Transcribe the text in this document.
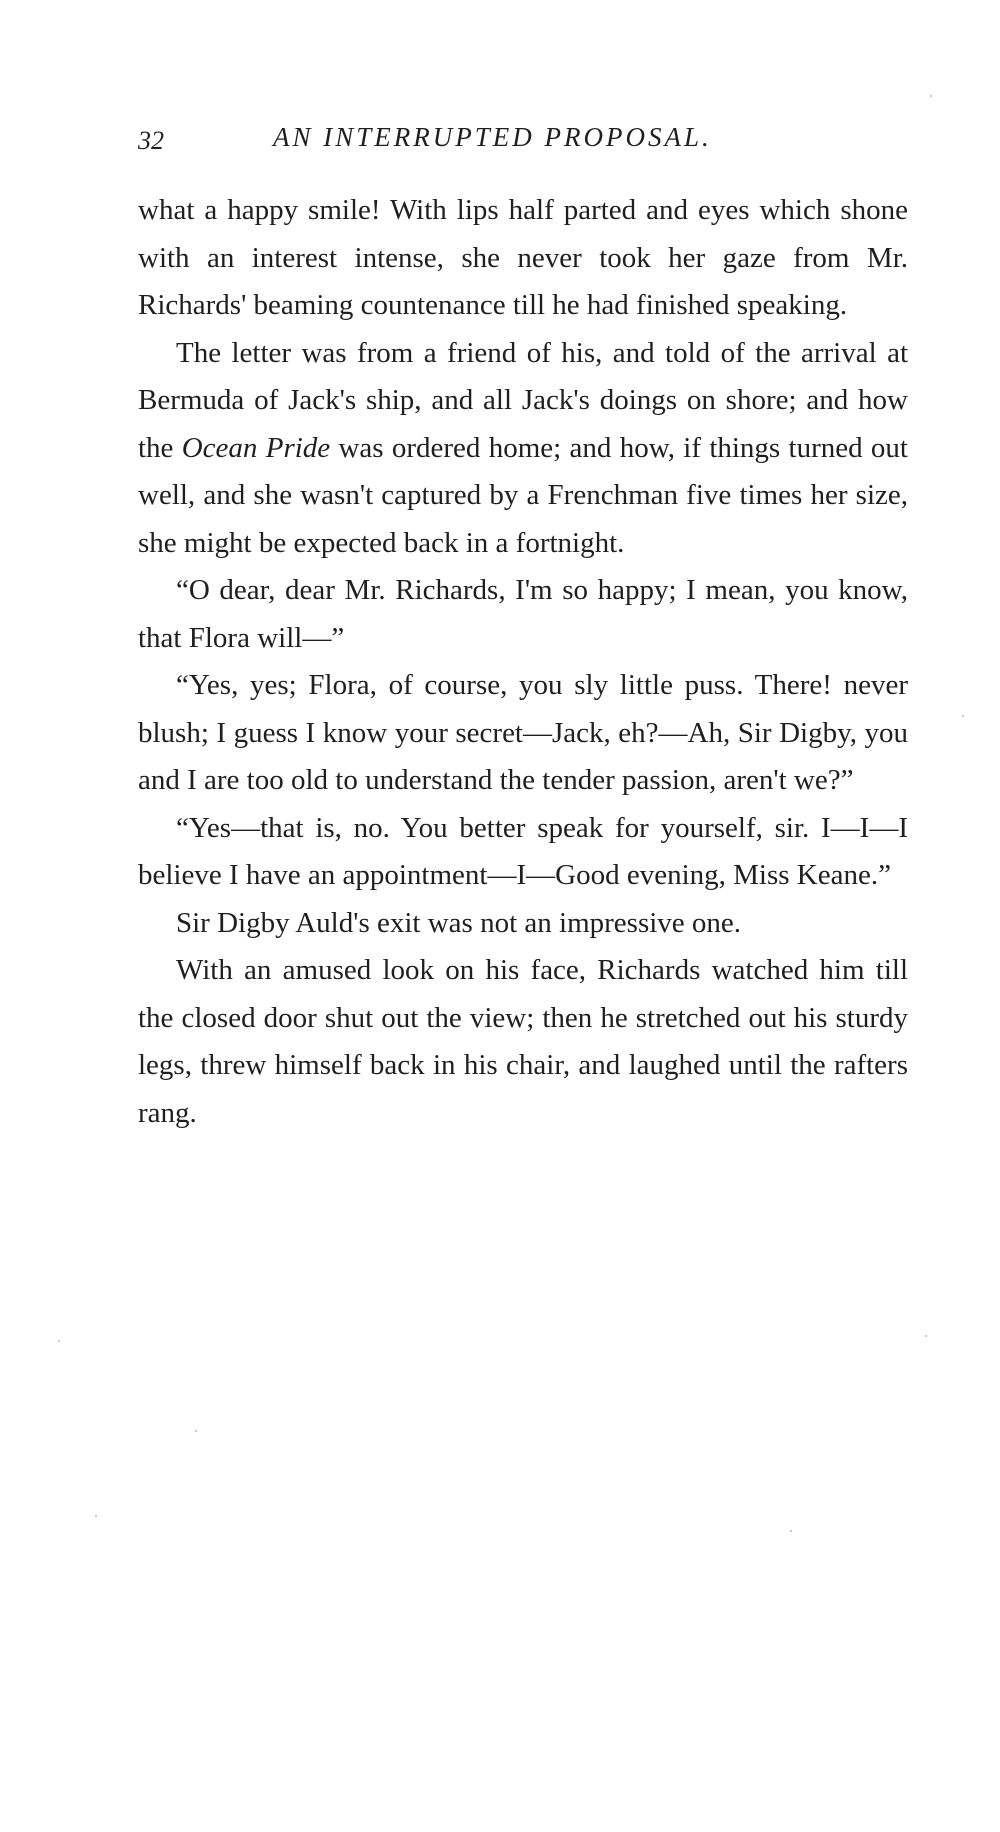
32	AN INTERRUPTED PROPOSAL.

what a happy smile! With lips half parted and eyes which shone with an interest intense, she never took her gaze from Mr. Richards' beaming countenance till he had finished speaking.

The letter was from a friend of his, and told of the arrival at Bermuda of Jack's ship, and all Jack's doings on shore; and how the Ocean Pride was ordered home; and how, if things turned out well, and she wasn't captured by a Frenchman five times her size, she might be expected back in a fortnight.

“O dear, dear Mr. Richards, I'm so happy; I mean, you know, that Flora will—”

“Yes, yes; Flora, of course, you sly little puss. There! never blush; I guess I know your secret—Jack, eh?—Ah, Sir Digby, you and I are too old to understand the tender passion, aren't we?”

“Yes—that is, no. You better speak for yourself, sir. I—I—I believe I have an appointment—I—Good evening, Miss Keane.”

Sir Digby Auld's exit was not an impressive one.

With an amused look on his face, Richards watched him till the closed door shut out the view; then he stretched out his sturdy legs, threw himself back in his chair, and laughed until the rafters rang.
